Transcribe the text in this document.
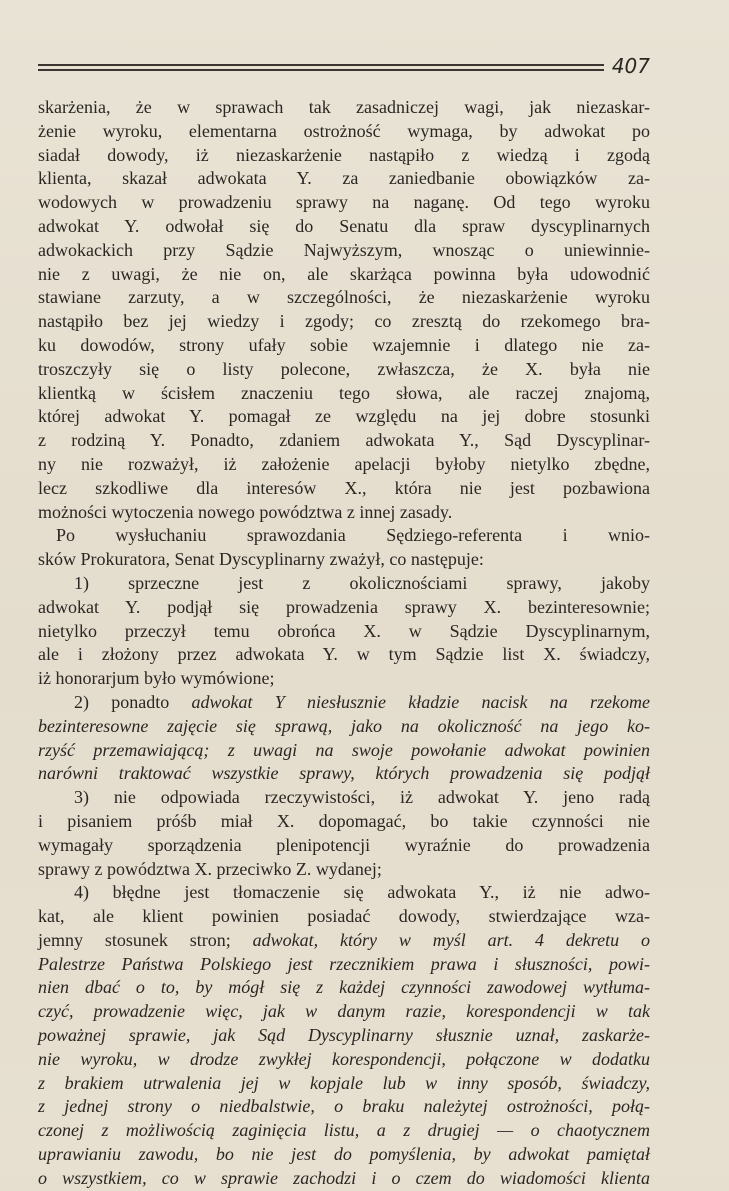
407
skarżenia, że w sprawach tak zasadniczej wagi, jak niezaskar-
żenie wyroku, elementarna ostrożność wymaga, by adwokat po
siadał dowody, iż niezaskarżenie nastąpiło z wiedzą i zgodą
klienta, skazał adwokata Y. za zaniedbanie obowiązków za-
wodowych w prowadzeniu sprawy na naganę. Od tego wyroku
adwokat Y. odwołał się do Senatu dla spraw dyscyplinarnych
adwokackich przy Sądzie Najwyższym, wnosząc o uniewinnie-
nie z uwagi, że nie on, ale skarżąca powinna była udowodnić
stawiane zarzuty, a w szczególności, że niezaskarżenie wyroku
nastąpiło bez jej wiedzy i zgody; co zresztą do rzekomego bra-
ku dowodów, strony ufały sobie wzajemnie i dlatego nie za-
troszczyły się o listy polecone, zwłaszcza, że X. była nie
klientką w ścisłem znaczeniu tego słowa, ale raczej znajomą,
której adwokat Y. pomagał ze względu na jej dobre stosunki
z rodziną Y. Ponadto, zdaniem adwokata Y., Sąd Dyscyplinar-
ny nie rozważył, iż założenie apelacji byłoby nietylko zbędne,
lecz szkodliwe dla interesów X., która nie jest pozbawiona
możności wytoczenia nowego powództwa z innej zasady.
 Po wysłuchaniu sprawozdania Sędziego-referenta i wnio-
sków Prokuratora, Senat Dyscyplinarny zważył, co następuje:
  1) sprzeczne jest z okolicznościami sprawy, jakoby
adwokat Y. podjął się prowadzenia sprawy X. bezinteresownie;
nietylko przeczył temu obrońca X. w Sądzie Dyscyplinarnym,
ale i złożony przez adwokata Y. w tym Sądzie list X. świadczy,
iż honorarjum było wymówione;
  2) ponadto adwokat Y niesłusznie kładzie nacisk na rzekome
bezinteresowne zajęcie się sprawą, jako na okoliczność na jego ko-
rzyść przemawiającą; z uwagi na swoje powołanie adwokat powinien
narówni traktować wszystkie sprawy, których prowadzenia się podjął
  3) nie odpowiada rzeczywistości, iż adwokat Y. jeno radą
i pisaniem próśb miał X. dopomagać, bo takie czynności nie
wymagały sporządzenia plenipotencji wyraźnie do prowadzenia
sprawy z powództwa X. przeciwko Z. wydanej;
  4) błędne jest tłomaczenie się adwokata Y., iż nie adwo-
kat, ale klient powinien posiadać dowody, stwierdzające wza-
jemny stosunek stron; adwokat, który w myśl art. 4 dekretu o
Palestrze Państwa Polskiego jest rzecznikiem prawa i słuszności, powi-
nien dbać o to, by mógł się z każdej czynności zawodowej wytłuma-
czyć, prowadzenie więc, jak w danym razie, korespondencji w tak
poważnej sprawie, jak Sąd Dyscyplinarny słusznie uznał, zaskarże-
nie wyroku, w drodze zwykłej korespondencji, połączone w dodatku
z brakiem utrwalenia jej w kopjale lub w inny sposób, świadczy,
z jednej strony o niedbalstwie, o braku należytej ostrożności, połą-
czonej z możliwością zaginięcia listu, a z drugiej — o chaotycznem
uprawianiu zawodu, bo nie jest do pomyślenia, by adwokat pamiętał
o wszystkiem, co w sprawie zachodzi i o czem do wiadomości klienta
